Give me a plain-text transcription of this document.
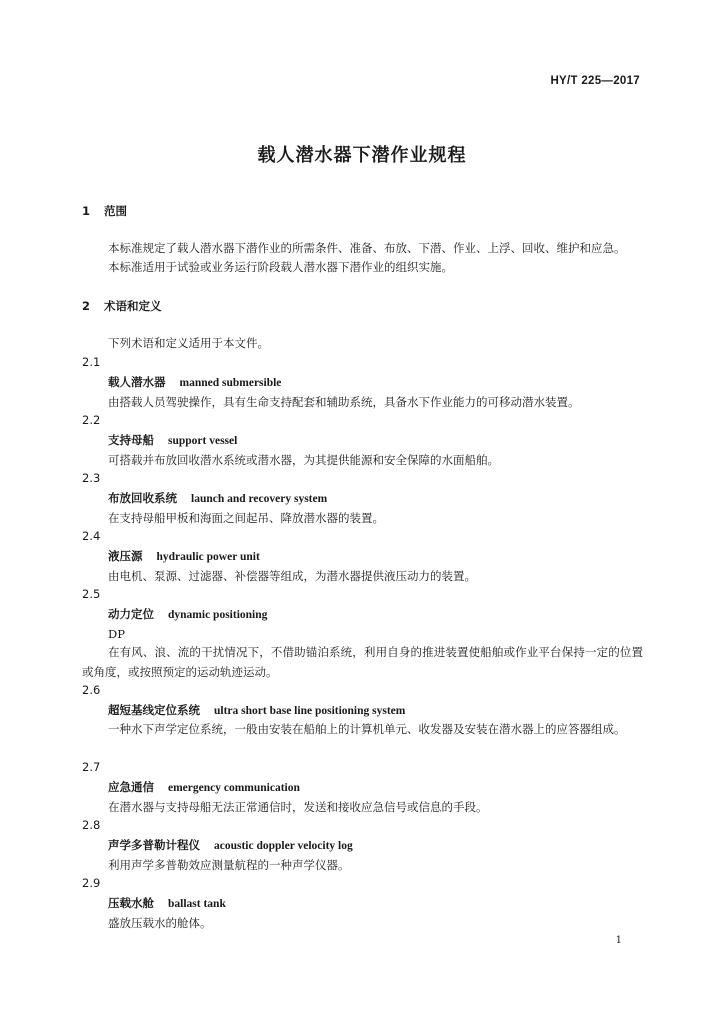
HY/T 225—2017
载人潜水器下潜作业规程
1 范围
本标准规定了载人潜水器下潜作业的所需条件、准备、布放、下潜、作业、上浮、回收、维护和应急。
本标准适用于试验或业务运行阶段载人潜水器下潜作业的组织实施。
2 术语和定义
下列术语和定义适用于本文件。
2.1
载人潜水器 manned submersible
由搭载人员驾驶操作，具有生命支持配套和辅助系统，具备水下作业能力的可移动潜水装置。
2.2
支持母船 support vessel
可搭载并布放回收潜水系统或潜水器，为其提供能源和安全保障的水面船舶。
2.3
布放回收系统 launch and recovery system
在支持母船甲板和海面之间起吊、降放潜水器的装置。
2.4
液压源 hydraulic power unit
由电机、泵源、过滤器、补偿器等组成，为潜水器提供液压动力的装置。
2.5
动力定位 dynamic positioning
DP
在有风、浪、流的干扰情况下，不借助锚泊系统，利用自身的推进装置使船舶或作业平台保持一定的位置或角度，或按照预定的运动轨迹运动。
2.6
超短基线定位系统 ultra short base line positioning system
一种水下声学定位系统，一般由安装在船舶上的计算机单元、收发器及安装在潜水器上的应答器组成。
2.7
应急通信 emergency communication
在潜水器与支持母船无法正常通信时，发送和接收应急信号或信息的手段。
2.8
声学多普勒计程仪 acoustic doppler velocity log
利用声学多普勒效应测量航程的一种声学仪器。
2.9
压载水舱 ballast tank
盛放压载水的舱体。
1
